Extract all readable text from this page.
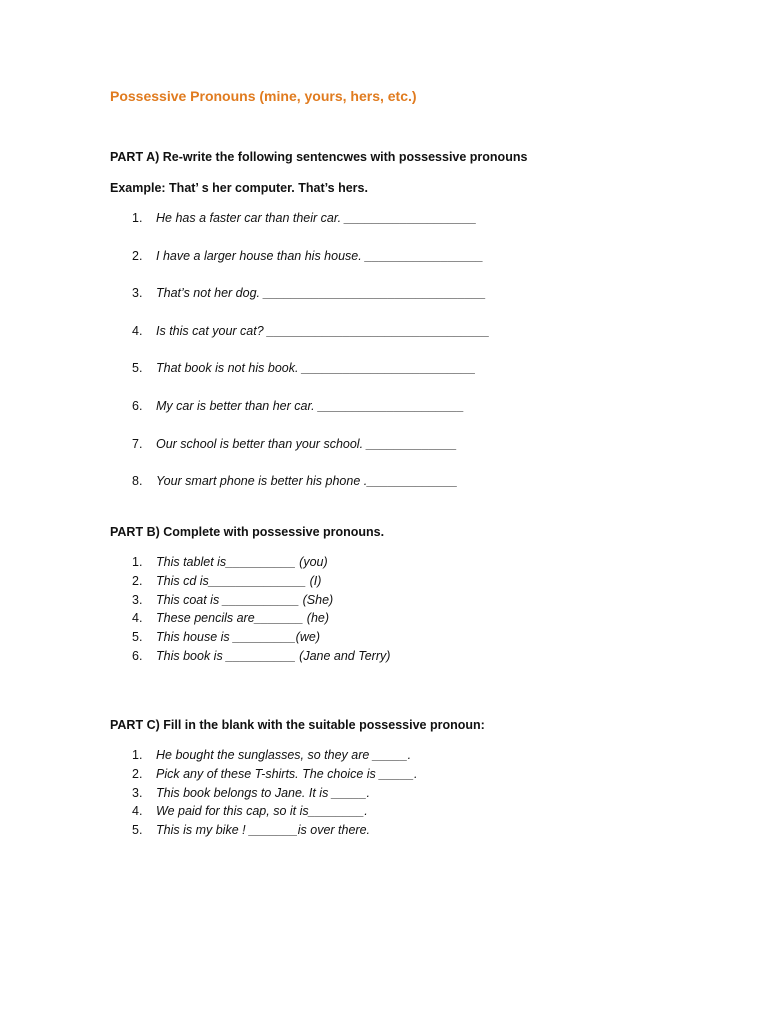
Possessive Pronouns (mine, yours, hers, etc.)
PART A) Re-write the following sentencwes with possessive pronouns
Example: That’ s her computer. That’s hers.
1. He has a faster car than their car. ___________________
2. I have a larger house than his house. _________________
3. That’s not her dog. ________________________________
4. Is this cat your cat? ________________________________
5. That book is not his book. _________________________
6. My car is better than her car. _____________________
7. Our school is better than your school. _____________
8. Your smart phone is better his phone ._____________
PART B) Complete with possessive pronouns.
1. This tablet is__________ (you)
2. This cd is______________ (I)
3. This coat is ___________ (She)
4. These pencils are_______ (he)
5. This house is _________(we)
6. This book is __________ (Jane and Terry)
PART C) Fill in the blank with the suitable possessive pronoun:
1. He bought the sunglasses, so they are _____.
2. Pick any of these T-shirts. The choice is _____.
3. This book belongs to Jane. It is _____.
4. We paid for this cap, so it is________.
5. This is my bike ! _______is over there.
